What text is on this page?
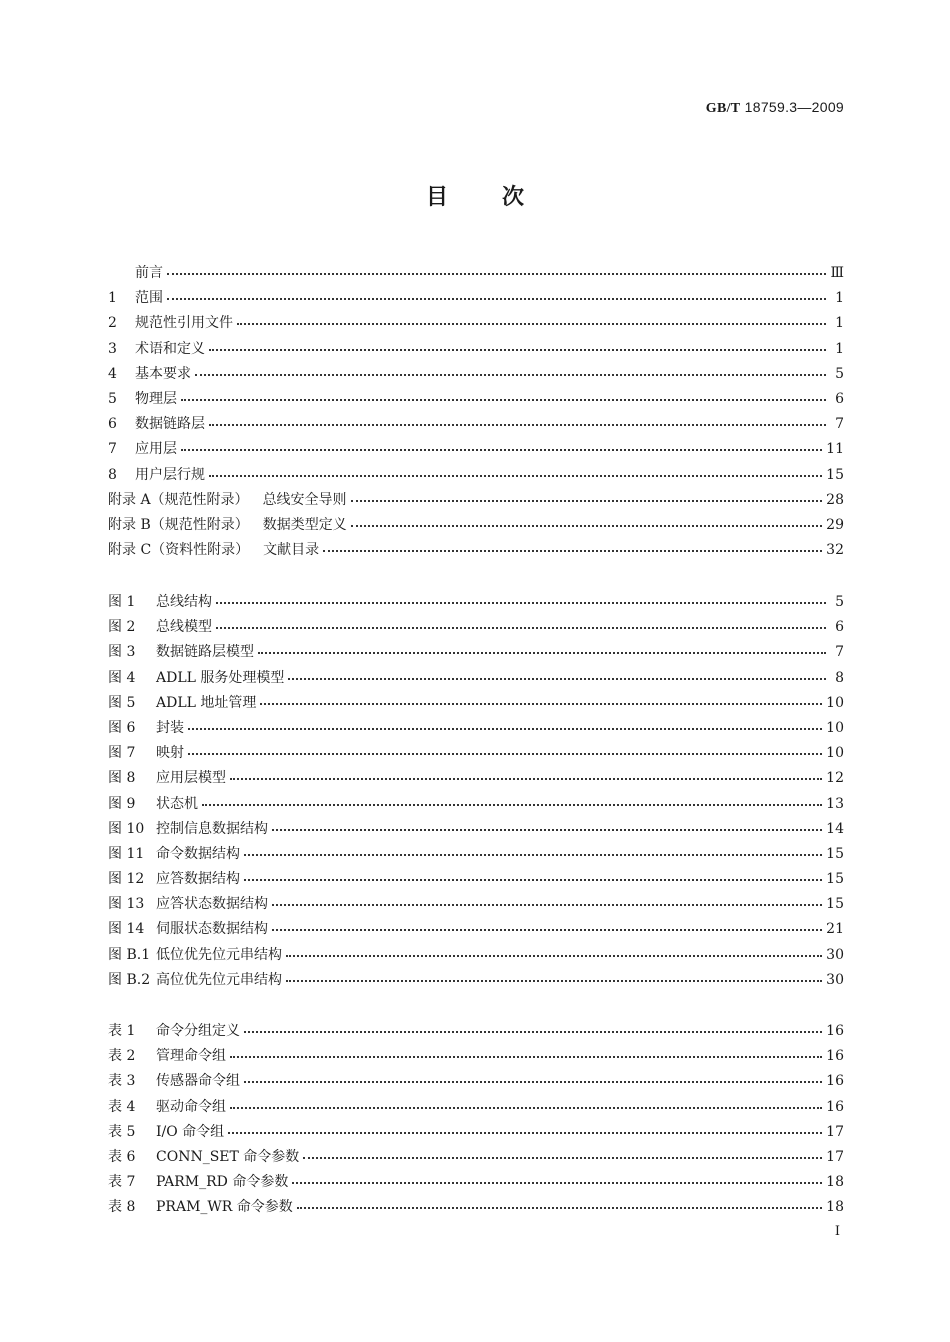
GB/T 18759.3—2009
目次
前言	Ⅲ
1	范围	1
2	规范性引用文件	1
3	术语和定义	1
4	基本要求	5
5	物理层	6
6	数据链路层	7
7	应用层	11
8	用户层行规	15
附录 A（规范性附录）	总线安全导则	28
附录 B（规范性附录）	数据类型定义	29
附录 C（资料性附录）	文献目录	32
图 1	总线结构	5
图 2	总线模型	6
图 3	数据链路层模型	7
图 4	ADLL 服务处理模型	8
图 5	ADLL 地址管理	10
图 6	封装	10
图 7	映射	10
图 8	应用层模型	12
图 9	状态机	13
图 10 控制信息数据结构	14
图 11 命令数据结构	15
图 12 应答数据结构	15
图 13 应答状态数据结构	15
图 14 伺服状态数据结构	21
图 B.1 低位优先位元串结构	30
图 B.2 高位优先位元串结构	30
表 1	命令分组定义	16
表 2	管理命令组	16
表 3	传感器命令组	16
表 4	驱动命令组	16
表 5	I/O 命令组	17
表 6	CONN_SET 命令参数	17
表 7	PARM_RD 命令参数	18
表 8	PRAM_WR 命令参数	18
Ⅰ
